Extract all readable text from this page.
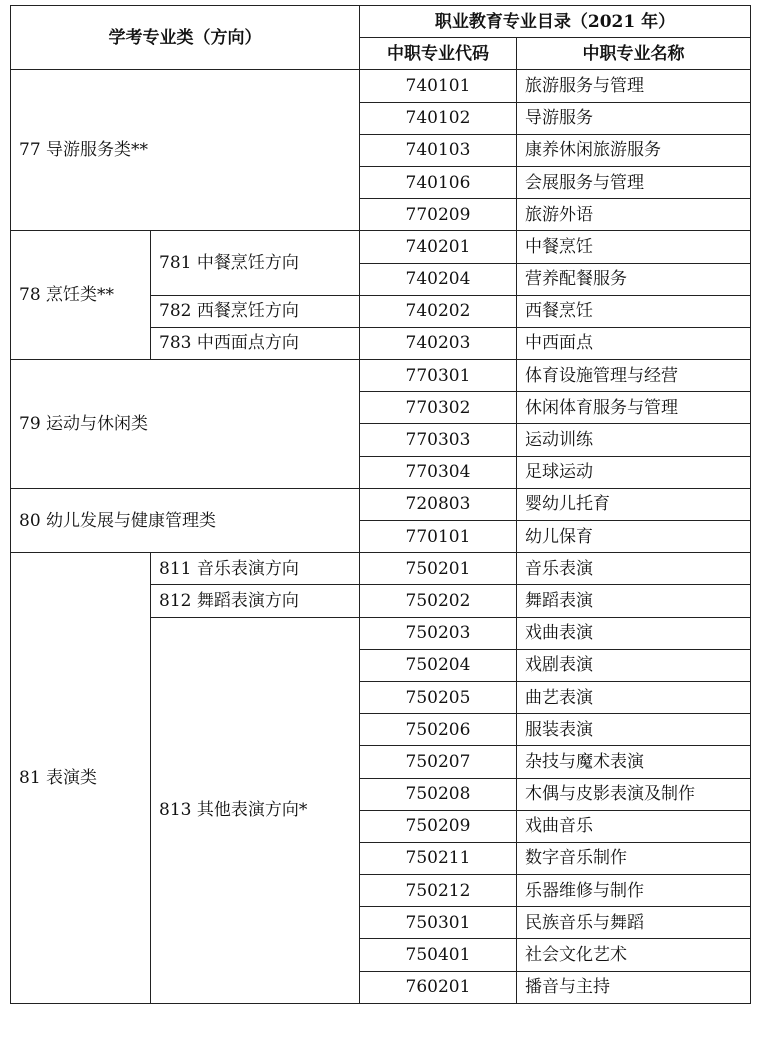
学考专业类（方向）		职业教育专业目录（2021 年）	
		中职专业代码	中职专业名称
77 导游服务类**		740101	旅游服务与管理
		740102	导游服务
		740103	康养休闲旅游服务
		740106	会展服务与管理
		770209	旅游外语
78 烹饪类**	781 中餐烹饪方向	740201	中餐烹饪
		740204	营养配餐服务
	782 西餐烹饪方向	740202	西餐烹饪
	783 中西面点方向	740203	中西面点
79 运动与休闲类		770301	体育设施管理与经营
		770302	休闲体育服务与管理
		770303	运动训练
		770304	足球运动
80 幼儿发展与健康管理类		720803	婴幼儿托育
		770101	幼儿保育
81 表演类	811 音乐表演方向	750201	音乐表演
	812 舞蹈表演方向	750202	舞蹈表演
	813 其他表演方向*	750203	戏曲表演
		750204	戏剧表演
		750205	曲艺表演
		750206	服装表演
		750207	杂技与魔术表演
		750208	木偶与皮影表演及制作
		750209	戏曲音乐
		750211	数字音乐制作
		750212	乐器维修与制作
		750301	民族音乐与舞蹈
		750401	社会文化艺术
		760201	播音与主持
